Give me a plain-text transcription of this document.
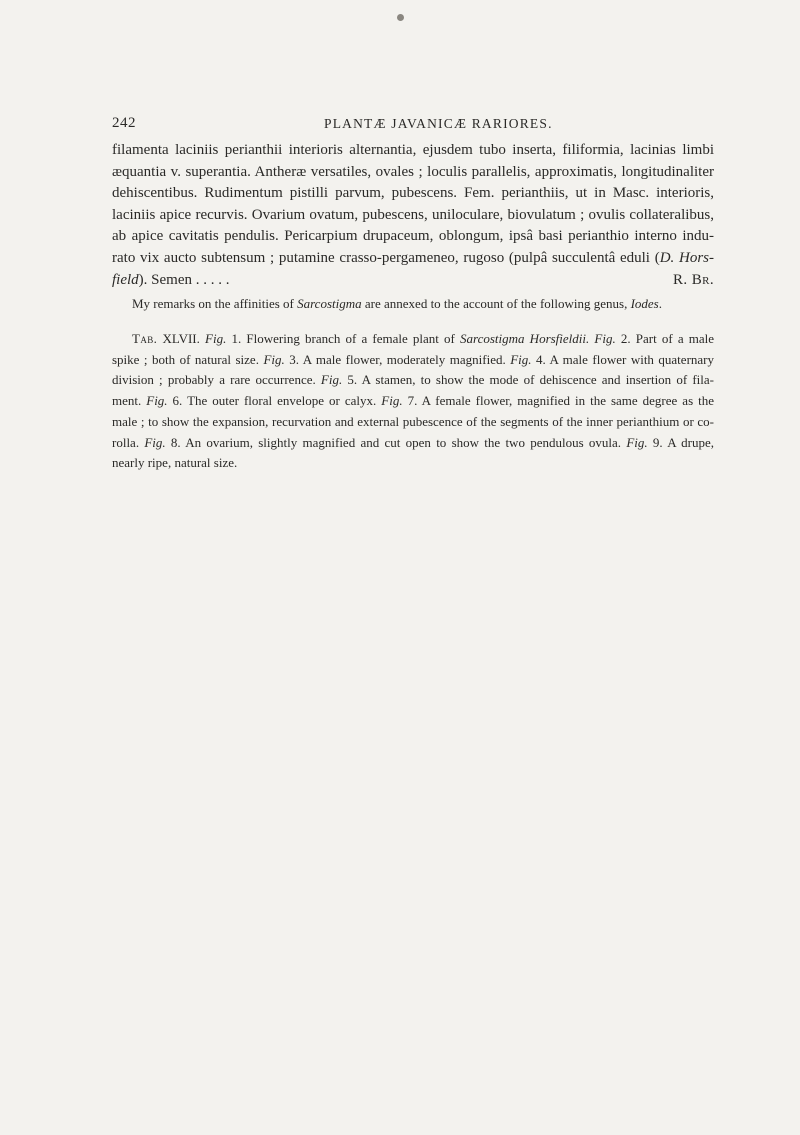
242	PLANTÆ JAVANICÆ RARIORES.
filamenta laciniis perianthii interioris alternantia, ejusdem tubo inserta, filiformia, lacinias limbi
æquantia v. superantia. Antheræ versatiles, ovales ; loculis parallelis, approximatis, longitudinaliter
dehiscentibus. Rudimentum pistilli parvum, pubescens. Fem. perianthiis, ut in Masc. interioris,
laciniis apice recurvis. Ovarium ovatum, pubescens, uniloculare, biovulatum ; ovulis collateralibus,
ab apice cavitatis pendulis. Pericarpium drupaceum, oblongum, ipsâ basi perianthio interno indu-
rato vix aucto subtensum ; putamine crasso-pergameneo, rugoso (pulpâ succulentâ eduli (D. Hors-
field). Semen . . . . .	R. Br.
My remarks on the affinities of Sarcostigma are annexed to the account of the following genus, Iodes.
Tab. XLVII. Fig. 1. Flowering branch of a female plant of Sarcostigma Horsfieldii. Fig. 2. Part of a male
spike ; both of natural size. Fig. 3. A male flower, moderately magnified. Fig. 4. A male flower with quaternary
division ; probably a rare occurrence. Fig. 5. A stamen, to show the mode of dehiscence and insertion of fila-
ment. Fig. 6. The outer floral envelope or calyx. Fig. 7. A female flower, magnified in the same degree as the
male ; to show the expansion, recurvation and external pubescence of the segments of the inner perianthium or co-
rolla. Fig. 8. An ovarium, slightly magnified and cut open to show the two pendulous ovula. Fig. 9. A drupe,
nearly ripe, natural size.
